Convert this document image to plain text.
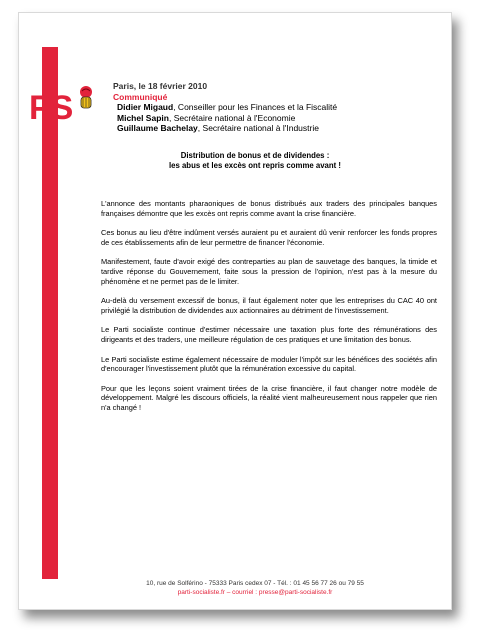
PS
Paris, le 18 février 2010
Communiqué
Didier Migaud, Conseiller pour les Finances et la Fiscalité
Michel Sapin, Secrétaire national à l'Economie
Guillaume Bachelay, Secrétaire national à l'Industrie
Distribution de bonus et de dividendes :
les abus et les excès ont repris comme avant !

L'annonce des montants pharaoniques de bonus distribués aux traders des principales banques françaises démontre que les excès ont repris comme avant la crise financière.

Ces bonus au lieu d'être indûment versés auraient pu et auraient dû venir renforcer les fonds propres de ces établissements afin de leur permettre de financer l'économie.

Manifestement, faute d'avoir exigé des contreparties au plan de sauvetage des banques, la timide et tardive réponse du Gouvernement, faite sous la pression de l'opinion, n'est pas à la mesure du phénomène et ne permet pas de le limiter.

Au-delà du versement excessif de bonus, il faut également noter que les entreprises du CAC 40 ont privilégié la distribution de dividendes aux actionnaires au détriment de l'investissement.

Le Parti socialiste continue d'estimer nécessaire une taxation plus forte des rémunérations des dirigeants et des traders, une meilleure régulation de ces pratiques et une limitation des bonus.

Le Parti socialiste estime également nécessaire de moduler l'impôt sur les bénéfices des sociétés afin d'encourager l'investissement plutôt que la rémunération excessive du capital.

Pour que les leçons soient vraiment tirées de la crise financière, il faut changer notre modèle de développement. Malgré les discours officiels, la réalité vient malheureusement nous rappeler que rien n'a changé !

10, rue de Solférino - 75333 Paris cedex 07 - Tél. : 01 45 56 77 26 ou 79 55
parti-socialiste.fr – courriel : presse@parti-socialiste.fr
